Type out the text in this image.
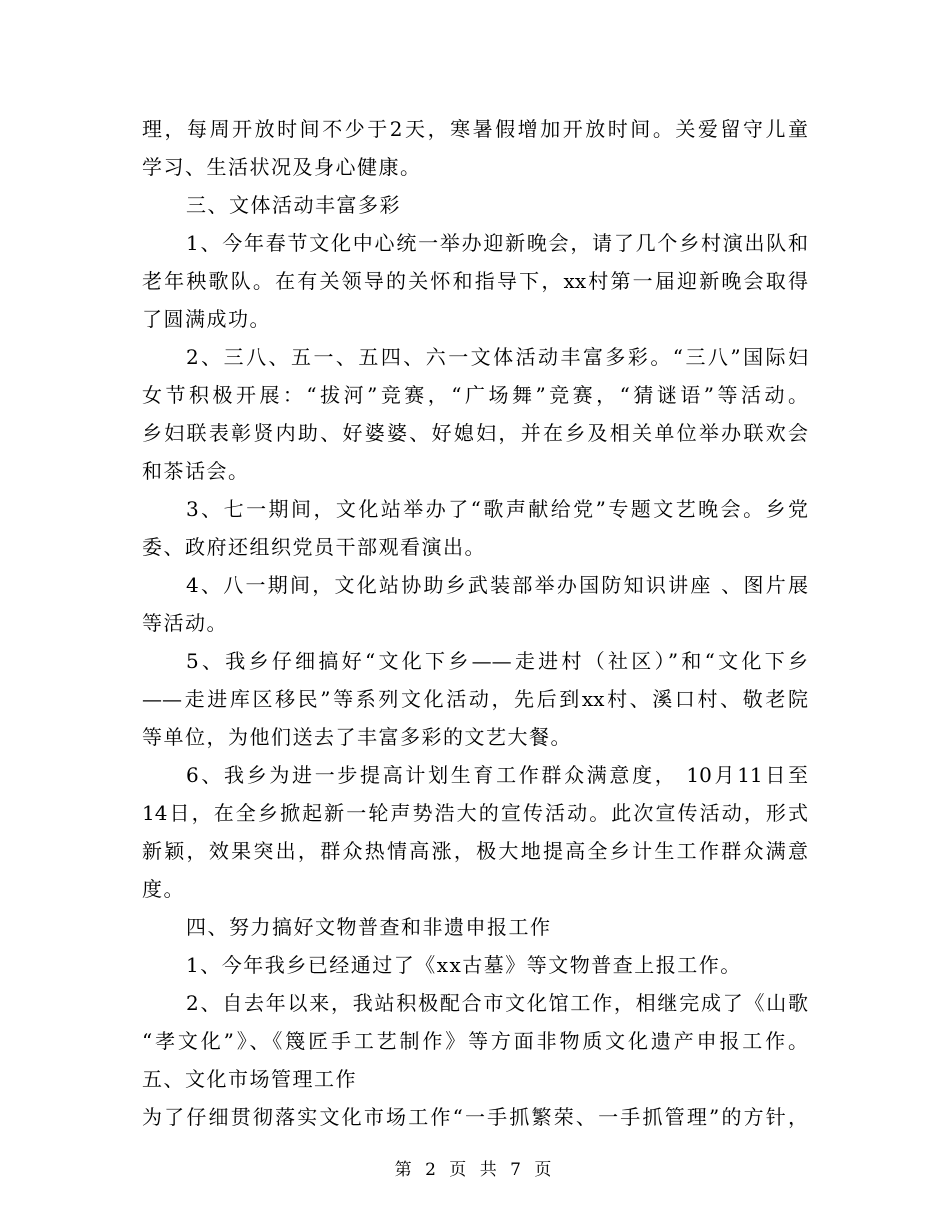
理，每周开放时间不少于2天，寒暑假增加开放时间。关爱留守儿童
学习、生活状况及身心健康。
三、文体活动丰富多彩
1、今年春节文化中心统一举办迎新晚会，请了几个乡村演出队和
老年秧歌队。在有关领导的关怀和指导下，xx村第一届迎新晚会取得
了圆满成功。
2、三八、五一、五四、六一文体活动丰富多彩。“三八”国际妇
女节积极开展：“拔河”竞赛，“广场舞”竞赛，“猜谜语”等活动。
乡妇联表彰贤内助、好婆婆、好媳妇，并在乡及相关单位举办联欢会
和茶话会。
3、七一期间，文化站举办了“歌声献给党”专题文艺晚会。乡党
委、政府还组织党员干部观看演出。
4、八一期间，文化站协助乡武装部举办国防知识讲座 、图片展
等活动。
5、我乡仔细搞好“文化下乡——走进村（社区）”和“文化下乡
——走进库区移民”等系列文化活动，先后到xx村、溪口村、敬老院
等单位，为他们送去了丰富多彩的文艺大餐。
6、我乡为进一步提高计划生育工作群众满意度， 10月11日至
14日，在全乡掀起新一轮声势浩大的宣传活动。此次宣传活动，形式
新颖，效果突出，群众热情高涨，极大地提高全乡计生工作群众满意
度。
四、努力搞好文物普查和非遗申报工作
1、今年我乡已经通过了《xx古墓》等文物普查上报工作。
2、自去年以来，我站积极配合市文化馆工作，相继完成了《山歌
“孝文化”》、《篾匠手工艺制作》等方面非物质文化遗产申报工作。
五、文化市场管理工作
为了仔细贯彻落实文化市场工作“一手抓繁荣、一手抓管理”的方针，
第 2 页 共 7 页
